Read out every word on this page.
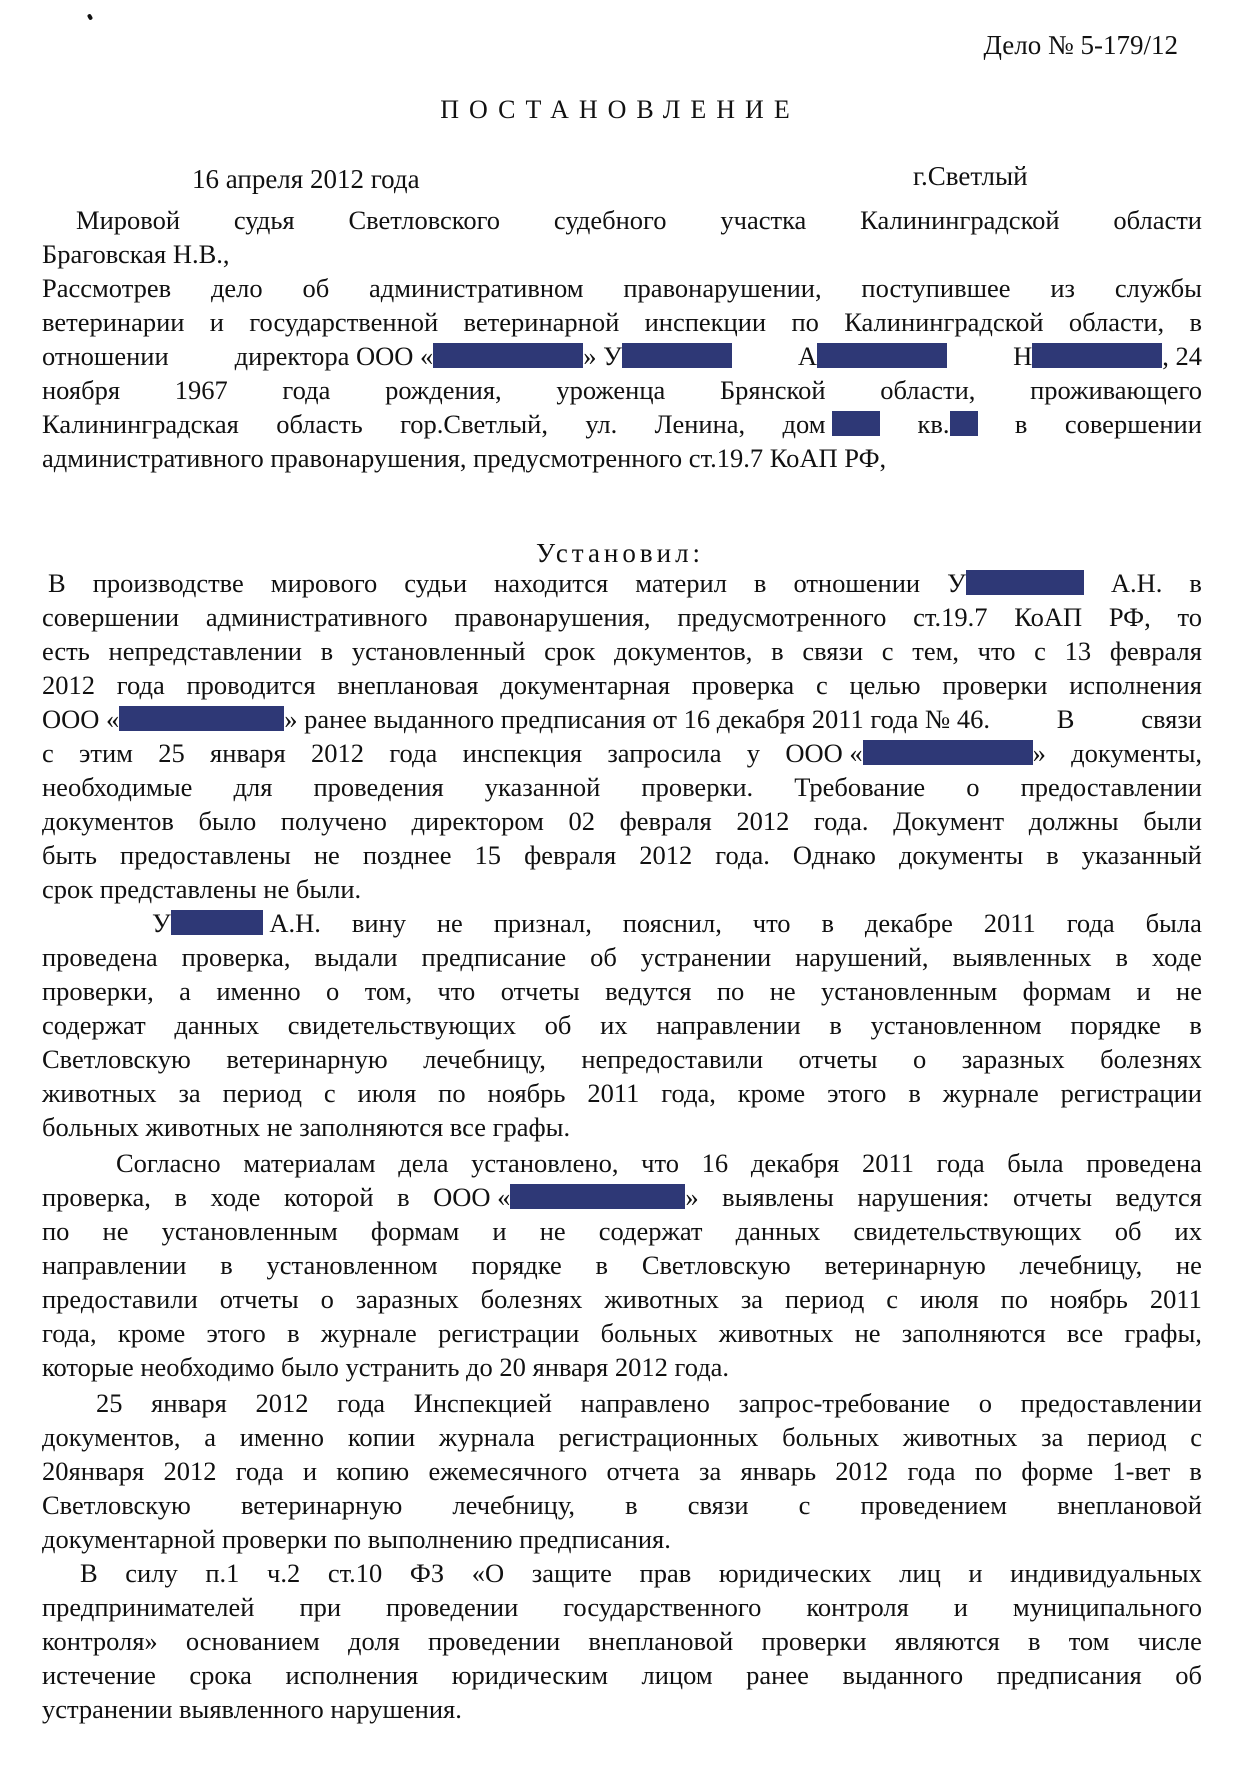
Дело № 5-179/12
ПОСТАНОВЛЕНИЕ
16 апреля 2012 года	г.Светлый
Мировой судья Светловского судебного участка Калининградской области
Браговская Н.В.,
Рассмотрев дело об административном правонарушении, поступившее из службы
ветеринарии и государственной ветеринарной инспекции по Калининградской области, в
отношении директора ООО «	» У	А	Н	, 24
ноября 1967 года рождения, уроженца Брянской области, проживающего
Калининградская область гор.Светлый, ул. Ленина, дом	кв.	в совершении
административного правонарушения, предусмотренного ст.19.7 КоАП РФ,
Установил:
В производстве мирового судьи находится материл в отношении У	А.Н. в
совершении административного правонарушения, предусмотренного ст.19.7 КоАП РФ, то
есть непредставлении в установленный срок документов, в связи с тем, что с 13 февраля
2012 года проводится внеплановая документарная проверка с целью проверки исполнения
ООО «	» ранее выданного предписания от 16 декабря 2011 года № 46.	В	связи
с этим 25 января 2012 года инспекция запросила у ООО «	» документы,
необходимые для проведения указанной проверки. Требование о предоставлении
документов было получено директором 02 февраля 2012 года. Документ должны были
быть предоставлены не позднее 15 февраля 2012 года. Однако документы в указанный
срок представлены не были.
У	А.Н. вину не признал, пояснил, что в декабре 2011 года была
проведена проверка, выдали предписание об устранении нарушений, выявленных в ходе
проверки, а именно о том, что отчеты ведутся по не установленным формам и не
содержат данных свидетельствующих об их направлении в установленном порядке в
Светловскую ветеринарную лечебницу, непредоставили отчеты о заразных болезнях
животных за период с июля по ноябрь 2011 года, кроме этого в журнале регистрации
больных животных не заполняются все графы.
Согласно материалам дела установлено, что 16 декабря 2011 года была проведена
проверка, в ходе которой в ООО «	» выявлены нарушения: отчеты ведутся
по не установленным формам и не содержат данных свидетельствующих об их
направлении в установленном порядке в Светловскую ветеринарную лечебницу, не
предоставили отчеты о заразных болезнях животных за период с июля по ноябрь 2011
года, кроме этого в журнале регистрации больных животных не заполняются все графы,
которые необходимо было устранить до 20 января 2012 года.
25 января 2012 года Инспекцией направлено запрос-требование о предоставлении
документов, а именно копии журнала регистрационных больных животных за период с
20января 2012 года и копию ежемесячного отчета за январь 2012 года по форме 1-вет в
Светловскую ветеринарную лечебницу, в связи с проведением внеплановой
документарной проверки по выполнению предписания.
В силу п.1 ч.2 ст.10 ФЗ «О защите прав юридических лиц и индивидуальных
предпринимателей при проведении государственного контроля и муниципального
контроля» основанием доля проведении внеплановой проверки являются в том числе
истечение срока исполнения юридическим лицом ранее выданного предписания об
устранении выявленного нарушения.
